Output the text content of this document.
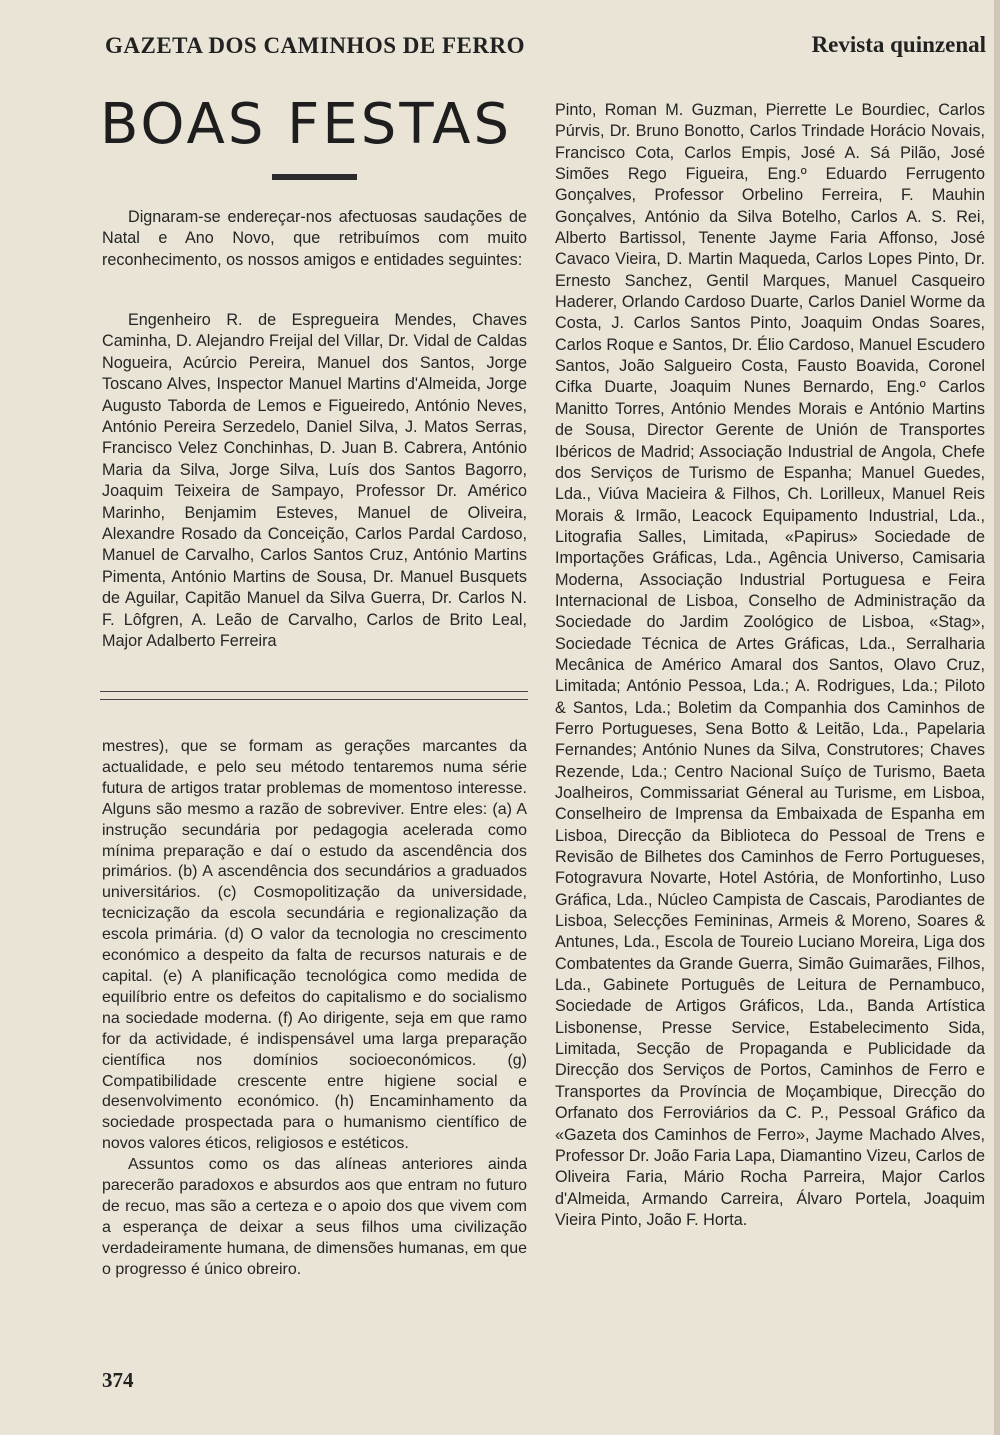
GAZETA DOS CAMINHOS DE FERRO	Revista quinzenal
BOAS FESTAS

Dignaram-se endereçar-nos afectuosas saudações de Natal e Ano Novo, que retribuímos com muito reconhecimento, os nossos amigos e entidades seguintes:

Engenheiro R. de Espregueira Mendes, Chaves Caminha, D. Alejandro Freijal del Villar, Dr. Vidal de Caldas Nogueira, Acúrcio Pereira, Manuel dos Santos, Jorge Toscano Alves, Inspector Manuel Martins d'Almeida, Jorge Augusto Taborda de Lemos e Figueiredo, António Neves, António Pereira Serzedelo, Daniel Silva, J. Matos Serras, Francisco Velez Conchinhas, D. Juan B. Cabrera, António Maria da Silva, Jorge Silva, Luís dos Santos Bagorro, Joaquim Teixeira de Sampayo, Professor Dr. Américo Marinho, Benjamim Esteves, Manuel de Oliveira, Alexandre Rosado da Conceição, Carlos Pardal Cardoso, Manuel de Carvalho, Carlos Santos Cruz, António Martins Pimenta, António Martins de Sousa, Dr. Manuel Busquets de Aguilar, Capitão Manuel da Silva Guerra, Dr. Carlos N. F. Lôfgren, A. Leão de Carvalho, Carlos de Brito Leal, Major Adalberto Ferreira

mestres), que se formam as gerações marcantes da actualidade, e pelo seu método tentaremos numa série futura de artigos tratar problemas de momentoso interesse. Alguns são mesmo a razão de sobreviver. Entre eles: (a) A instrução secundária por pedagogia acelerada como mínima preparação e daí o estudo da ascendência dos primários. (b) A ascendência dos secundários a graduados universitários. (c) Cosmopolitização da universidade, tecnicização da escola secundária e regionalização da escola primária. (d) O valor da tecnologia no crescimento económico a despeito da falta de recursos naturais e de capital. (e) A planificação tecnológica como medida de equilíbrio entre os defeitos do capitalismo e do socialismo na sociedade moderna. (f) Ao dirigente, seja em que ramo for da actividade, é indispensável uma larga preparação científica nos domínios socioeconómicos. (g) Compatibilidade crescente entre higiene social e desenvolvimento económico. (h) Encaminhamento da sociedade prospectada para o humanismo científico de novos valores éticos, religiosos e estéticos.

Assuntos como os das alíneas anteriores ainda parecerão paradoxos e absurdos aos que entram no futuro de recuo, mas são a certeza e o apoio dos que vivem com a esperança de deixar a seus filhos uma civilização verdadeiramente humana, de dimensões humanas, em que o progresso é único obreiro.

Pinto, Roman M. Guzman, Pierrette Le Bourdiec, Carlos Púrvis, Dr. Bruno Bonotto, Carlos Trindade Horácio Novais, Francisco Cota, Carlos Empis, José A. Sá Pilão, José Simões Rego Figueira, Eng.º Eduardo Ferrugento Gonçalves, Professor Orbelino Ferreira, F. Mauhin Gonçalves, António da Silva Botelho, Carlos A. S. Rei, Alberto Bartissol, Tenente Jayme Faria Affonso, José Cavaco Vieira, D. Martin Maqueda, Carlos Lopes Pinto, Dr. Ernesto Sanchez, Gentil Marques, Manuel Casqueiro Haderer, Orlando Cardoso Duarte, Carlos Daniel Worme da Costa, J. Carlos Santos Pinto, Joaquim Ondas Soares, Carlos Roque e Santos, Dr. Élio Cardoso, Manuel Escudero Santos, João Salgueiro Costa, Fausto Boavida, Coronel Cifka Duarte, Joaquim Nunes Bernardo, Eng.º Carlos Manitto Torres, António Mendes Morais e António Martins de Sousa, Director Gerente de Unión de Transportes Ibéricos de Madrid; Associação Industrial de Angola, Chefe dos Serviços de Turismo de Espanha; Manuel Guedes, Lda., Viúva Macieira & Filhos, Ch. Lorilleux, Manuel Reis Morais & Irmão, Leacock Equipamento Industrial, Lda., Litografia Salles, Limitada, «Papirus» Sociedade de Importações Gráficas, Lda., Agência Universo, Camisaria Moderna, Associação Industrial Portuguesa e Feira Internacional de Lisboa, Conselho de Administração da Sociedade do Jardim Zoológico de Lisboa, «Stag», Sociedade Técnica de Artes Gráficas, Lda., Serralharia Mecânica de Américo Amaral dos Santos, Olavo Cruz, Limitada; António Pessoa, Lda.; A. Rodrigues, Lda.; Piloto & Santos, Lda.; Boletim da Companhia dos Caminhos de Ferro Portugueses, Sena Botto & Leitão, Lda., Papelaria Fernandes; António Nunes da Silva, Construtores; Chaves Rezende, Lda.; Centro Nacional Suíço de Turismo, Baeta Joalheiros, Commissariat Géneral au Turisme, em Lisboa, Conselheiro de Imprensa da Embaixada de Espanha em Lisboa, Direcção da Biblioteca do Pessoal de Trens e Revisão de Bilhetes dos Caminhos de Ferro Portugueses, Fotogravura Novarte, Hotel Astória, de Monfortinho, Luso Gráfica, Lda., Núcleo Campista de Cascais, Parodiantes de Lisboa, Selecções Femininas, Armeis & Moreno, Soares & Antunes, Lda., Escola de Toureio Luciano Moreira, Liga dos Combatentes da Grande Guerra, Simão Guimarães, Filhos, Lda., Gabinete Português de Leitura de Pernambuco, Sociedade de Artigos Gráficos, Lda., Banda Artística Lisbonense, Presse Service, Estabelecimento Sida, Limitada, Secção de Propaganda e Publicidade da Direcção dos Serviços de Portos, Caminhos de Ferro e Transportes da Província de Moçambique, Direcção do Orfanato dos Ferroviários da C. P., Pessoal Gráfico da «Gazeta dos Caminhos de Ferro», Jayme Machado Alves, Professor Dr. João Faria Lapa, Diamantino Vizeu, Carlos de Oliveira Faria, Mário Rocha Parreira, Major Carlos d'Almeida, Armando Carreira, Álvaro Portela, Joaquim Vieira Pinto, João F. Horta.

374
